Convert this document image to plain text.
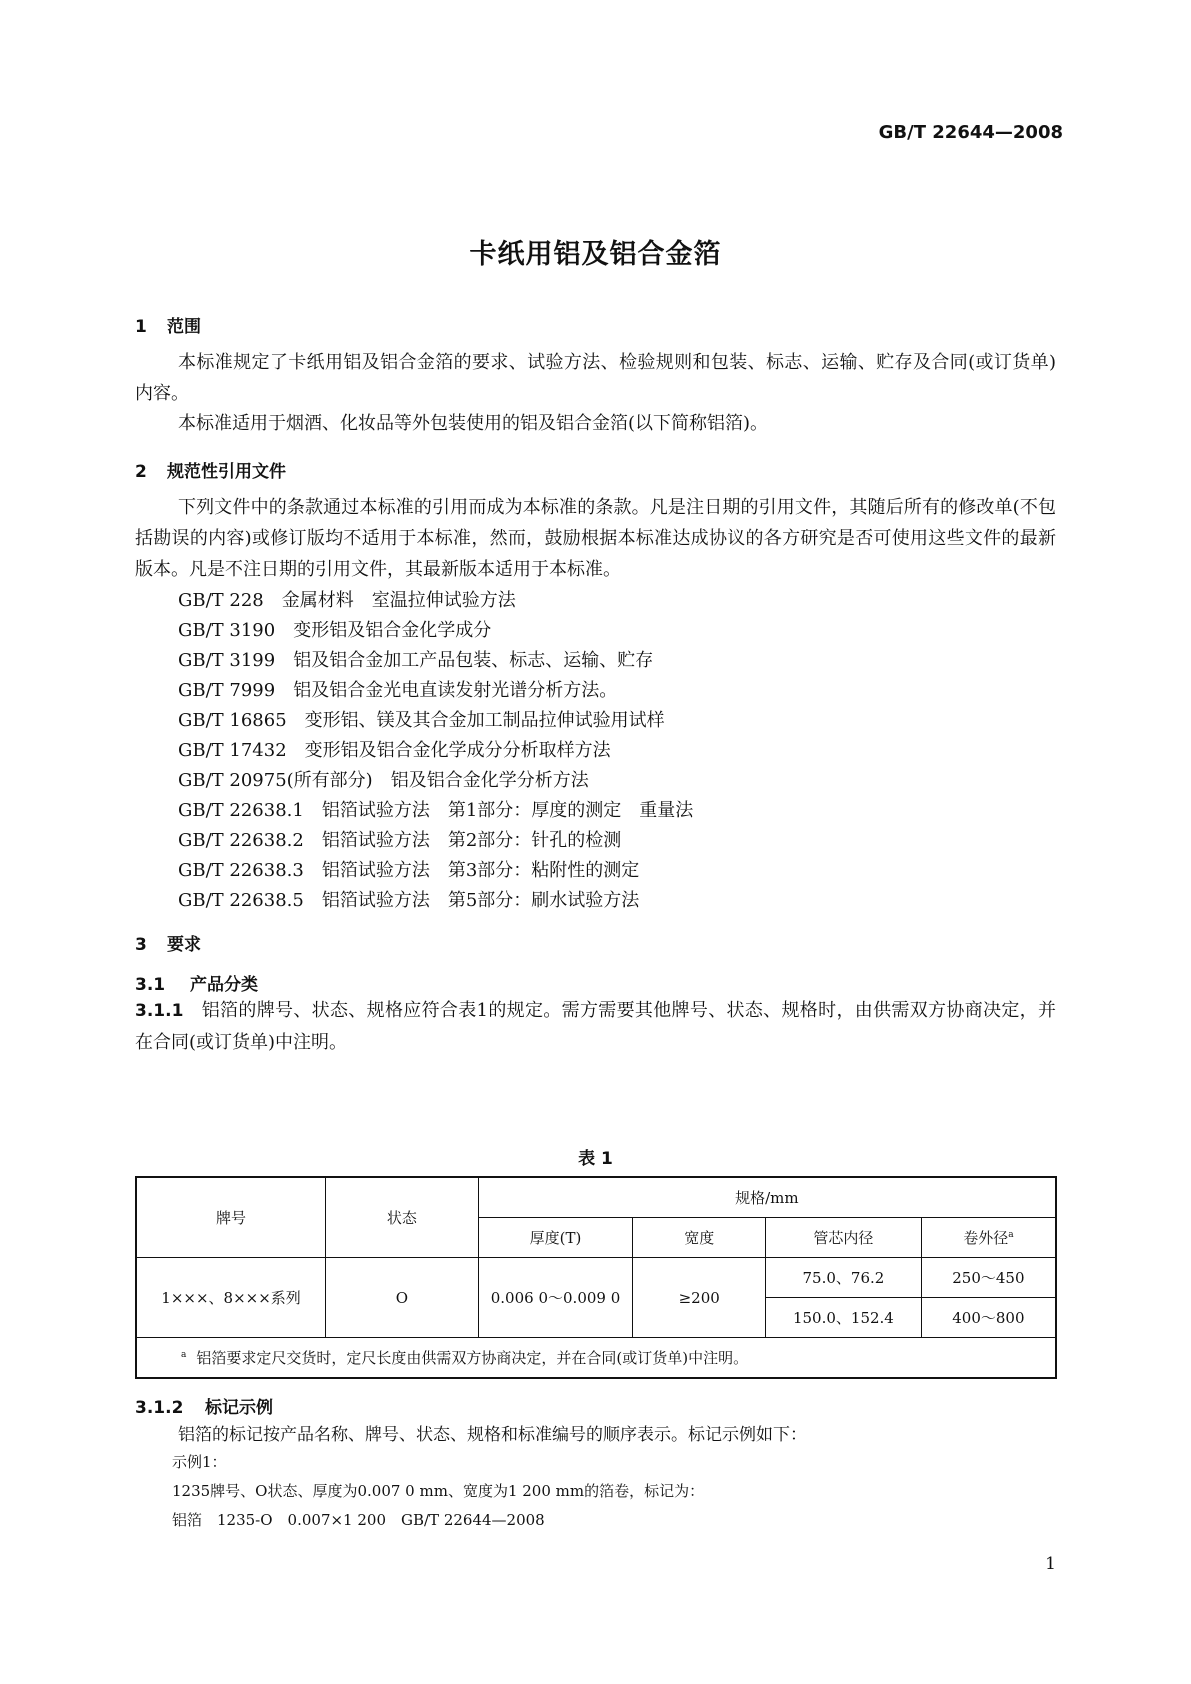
GB/T 22644—2008
卡纸用铝及铝合金箔
1 范围
本标准规定了卡纸用铝及铝合金箔的要求、试验方法、检验规则和包装、标志、运输、贮存及合同(或订货单)内容。
本标准适用于烟酒、化妆品等外包装使用的铝及铝合金箔(以下简称铝箔)。
2 规范性引用文件
下列文件中的条款通过本标准的引用而成为本标准的条款。凡是注日期的引用文件，其随后所有的修改单(不包括勘误的内容)或修订版均不适用于本标准，然而，鼓励根据本标准达成协议的各方研究是否可使用这些文件的最新版本。凡是不注日期的引用文件，其最新版本适用于本标准。
GB/T 228　金属材料　室温拉伸试验方法
GB/T 3190　变形铝及铝合金化学成分
GB/T 3199　铝及铝合金加工产品包装、标志、运输、贮存
GB/T 7999　铝及铝合金光电直读发射光谱分析方法。
GB/T 16865　变形铝、镁及其合金加工制品拉伸试验用试样
GB/T 17432　变形铝及铝合金化学成分分析取样方法
GB/T 20975(所有部分)　铝及铝合金化学分析方法
GB/T 22638.1　铝箔试验方法　第1部分：厚度的测定　重量法
GB/T 22638.2　铝箔试验方法　第2部分：针孔的检测
GB/T 22638.3　铝箔试验方法　第3部分：粘附性的测定
GB/T 22638.5　铝箔试验方法　第5部分：刷水试验方法
3 要求
3.1 产品分类
3.1.1 铝箔的牌号、状态、规格应符合表1的规定。需方需要其他牌号、状态、规格时，由供需双方协商决定，并在合同(或订货单)中注明。
表 1
牌号	状态	规格/mm			
		厚度(T)	宽度	管芯内径	卷外径$^a$
1×××、8×××系列	O	0.006 0～0.009 0	≥200	75.0、76.2	250～450
				150.0、152.4	400～800
$^a$ 铝箔要求定尺交货时，定尺长度由供需双方协商决定，并在合同(或订货单)中注明。					
3.1.2 标记示例
铝箔的标记按产品名称、牌号、状态、规格和标准编号的顺序表示。标记示例如下：
示例1：
1235牌号、O状态、厚度为0.007 0 mm、宽度为1 200 mm的箔卷，标记为：
铝箔　1235-O　0.007×1 200　GB/T 22644—2008
1
